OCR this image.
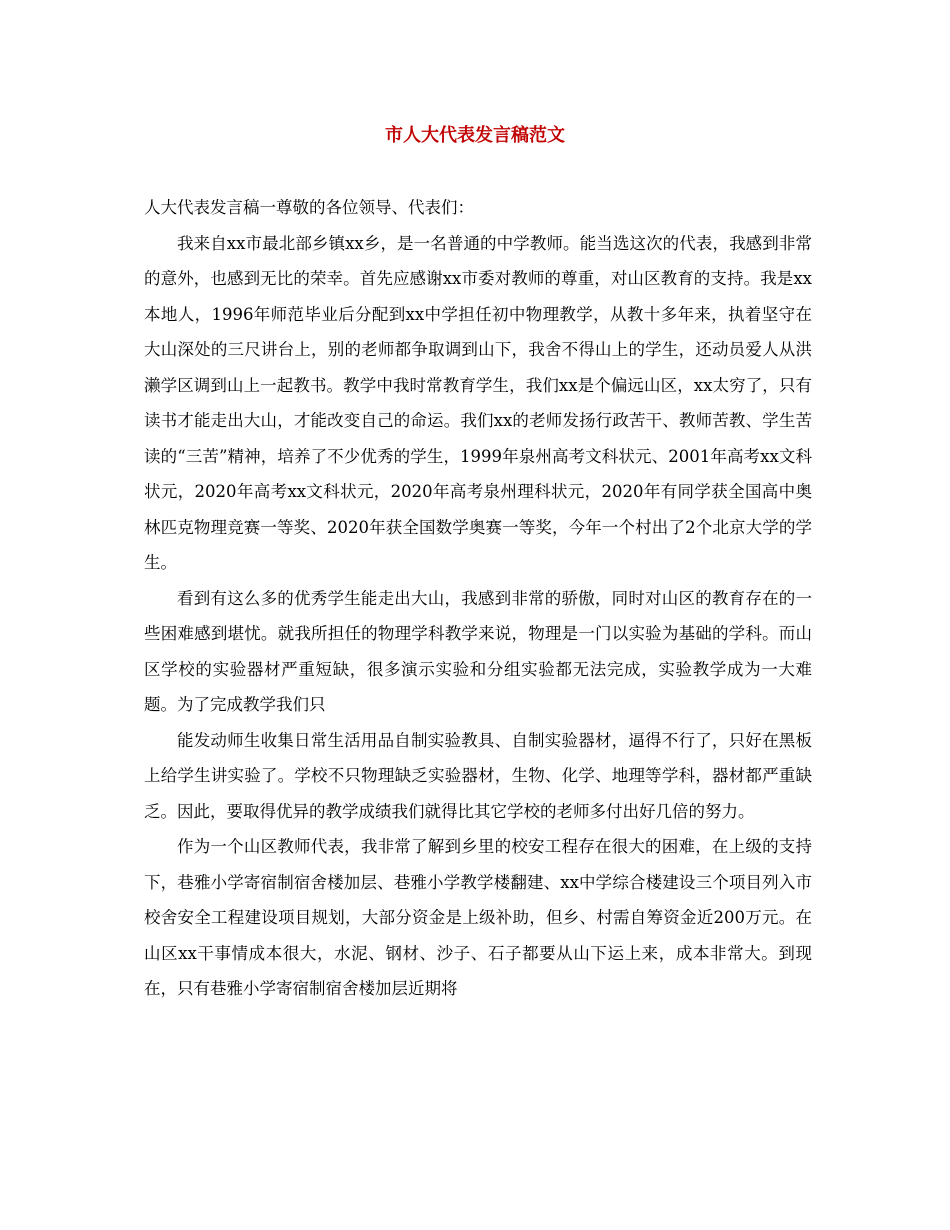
市人大代表发言稿范文

人大代表发言稿一尊敬的各位领导、代表们：

我来自xx市最北部乡镇xx乡，是一名普通的中学教师。能当选这次的代表，我感到非常的意外，也感到无比的荣幸。首先应感谢xx市委对教师的尊重，对山区教育的支持。我是xx本地人，1996年师范毕业后分配到xx中学担任初中物理教学，从教十多年来，执着坚守在大山深处的三尺讲台上，别的老师都争取调到山下，我舍不得山上的学生，还动员爱人从洪濑学区调到山上一起教书。教学中我时常教育学生，我们xx是个偏远山区，xx太穷了，只有读书才能走出大山，才能改变自己的命运。我们xx的老师发扬行政苦干、教师苦教、学生苦读的“三苦”精神，培养了不少优秀的学生，1999年泉州高考文科状元、2001年高考xx文科状元，2020年高考xx文科状元，2020年高考泉州理科状元，2020年有同学获全国高中奥林匹克物理竞赛一等奖、2020年获全国数学奥赛一等奖，今年一个村出了2个北京大学的学生。

看到有这么多的优秀学生能走出大山，我感到非常的骄傲，同时对山区的教育存在的一些困难感到堪忧。就我所担任的物理学科教学来说，物理是一门以实验为基础的学科。而山区学校的实验器材严重短缺，很多演示实验和分组实验都无法完成，实验教学成为一大难题。为了完成教学我们只

能发动师生收集日常生活用品自制实验教具、自制实验器材，逼得不行了，只好在黑板上给学生讲实验了。学校不只物理缺乏实验器材，生物、化学、地理等学科，器材都严重缺乏。因此，要取得优异的教学成绩我们就得比其它学校的老师多付出好几倍的努力。

作为一个山区教师代表，我非常了解到乡里的校安工程存在很大的困难，在上级的支持下，巷雅小学寄宿制宿舍楼加层、巷雅小学教学楼翻建、xx中学综合楼建设三个项目列入市校舍安全工程建设项目规划，大部分资金是上级补助，但乡、村需自筹资金近200万元。在山区xx干事情成本很大，水泥、钢材、沙子、石子都要从山下运上来，成本非常大。到现在，只有巷雅小学寄宿制宿舍楼加层近期将
